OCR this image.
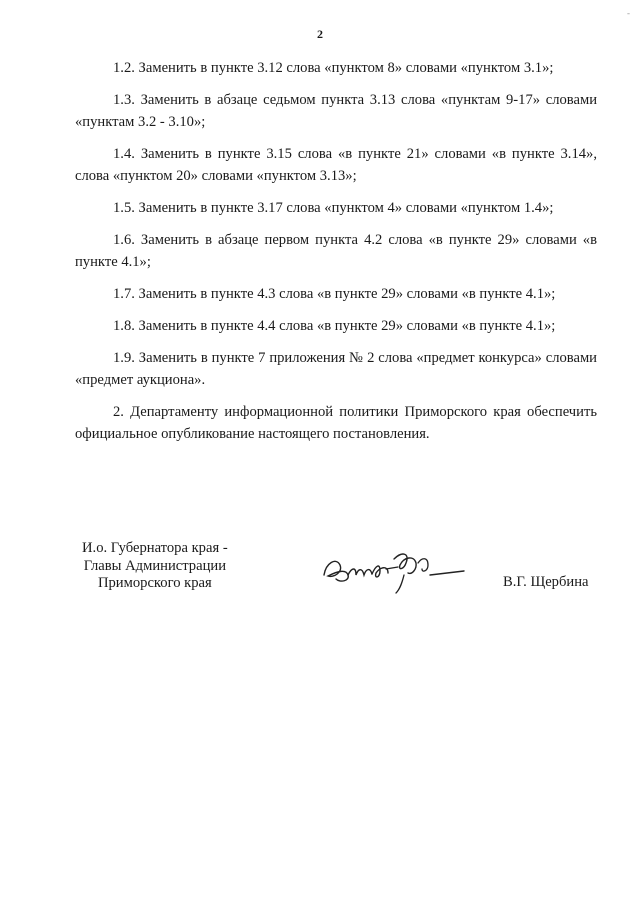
-
2

1.2. Заменить в пункте 3.12 слова «пунктом 8» словами «пунктом 3.1»;

1.3. Заменить в абзаце седьмом пункта 3.13 слова «пунктам 9-17» словами «пунктам 3.2 - 3.10»;

1.4. Заменить в пункте 3.15 слова «в пункте 21» словами «в пункте 3.14», слова «пунктом 20» словами «пунктом 3.13»;

1.5. Заменить в пункте 3.17 слова «пунктом 4» словами «пунктом 1.4»;

1.6. Заменить в абзаце первом пункта 4.2 слова «в пункте 29» словами «в пункте 4.1»;

1.7. Заменить в пункте 4.3 слова «в пункте 29» словами «в пункте 4.1»;

1.8. Заменить в пункте 4.4 слова «в пункте 29» словами «в пункте 4.1»;

1.9. Заменить в пункте 7 приложения № 2 слова «предмет конкурса» словами «предмет аукциона».

2. Департаменту информационной политики Приморского края обеспечить официальное опубликование настоящего постановления.

И.о. Губернатора края -
Главы Администрации
Приморского края	В.Г. Щербина
